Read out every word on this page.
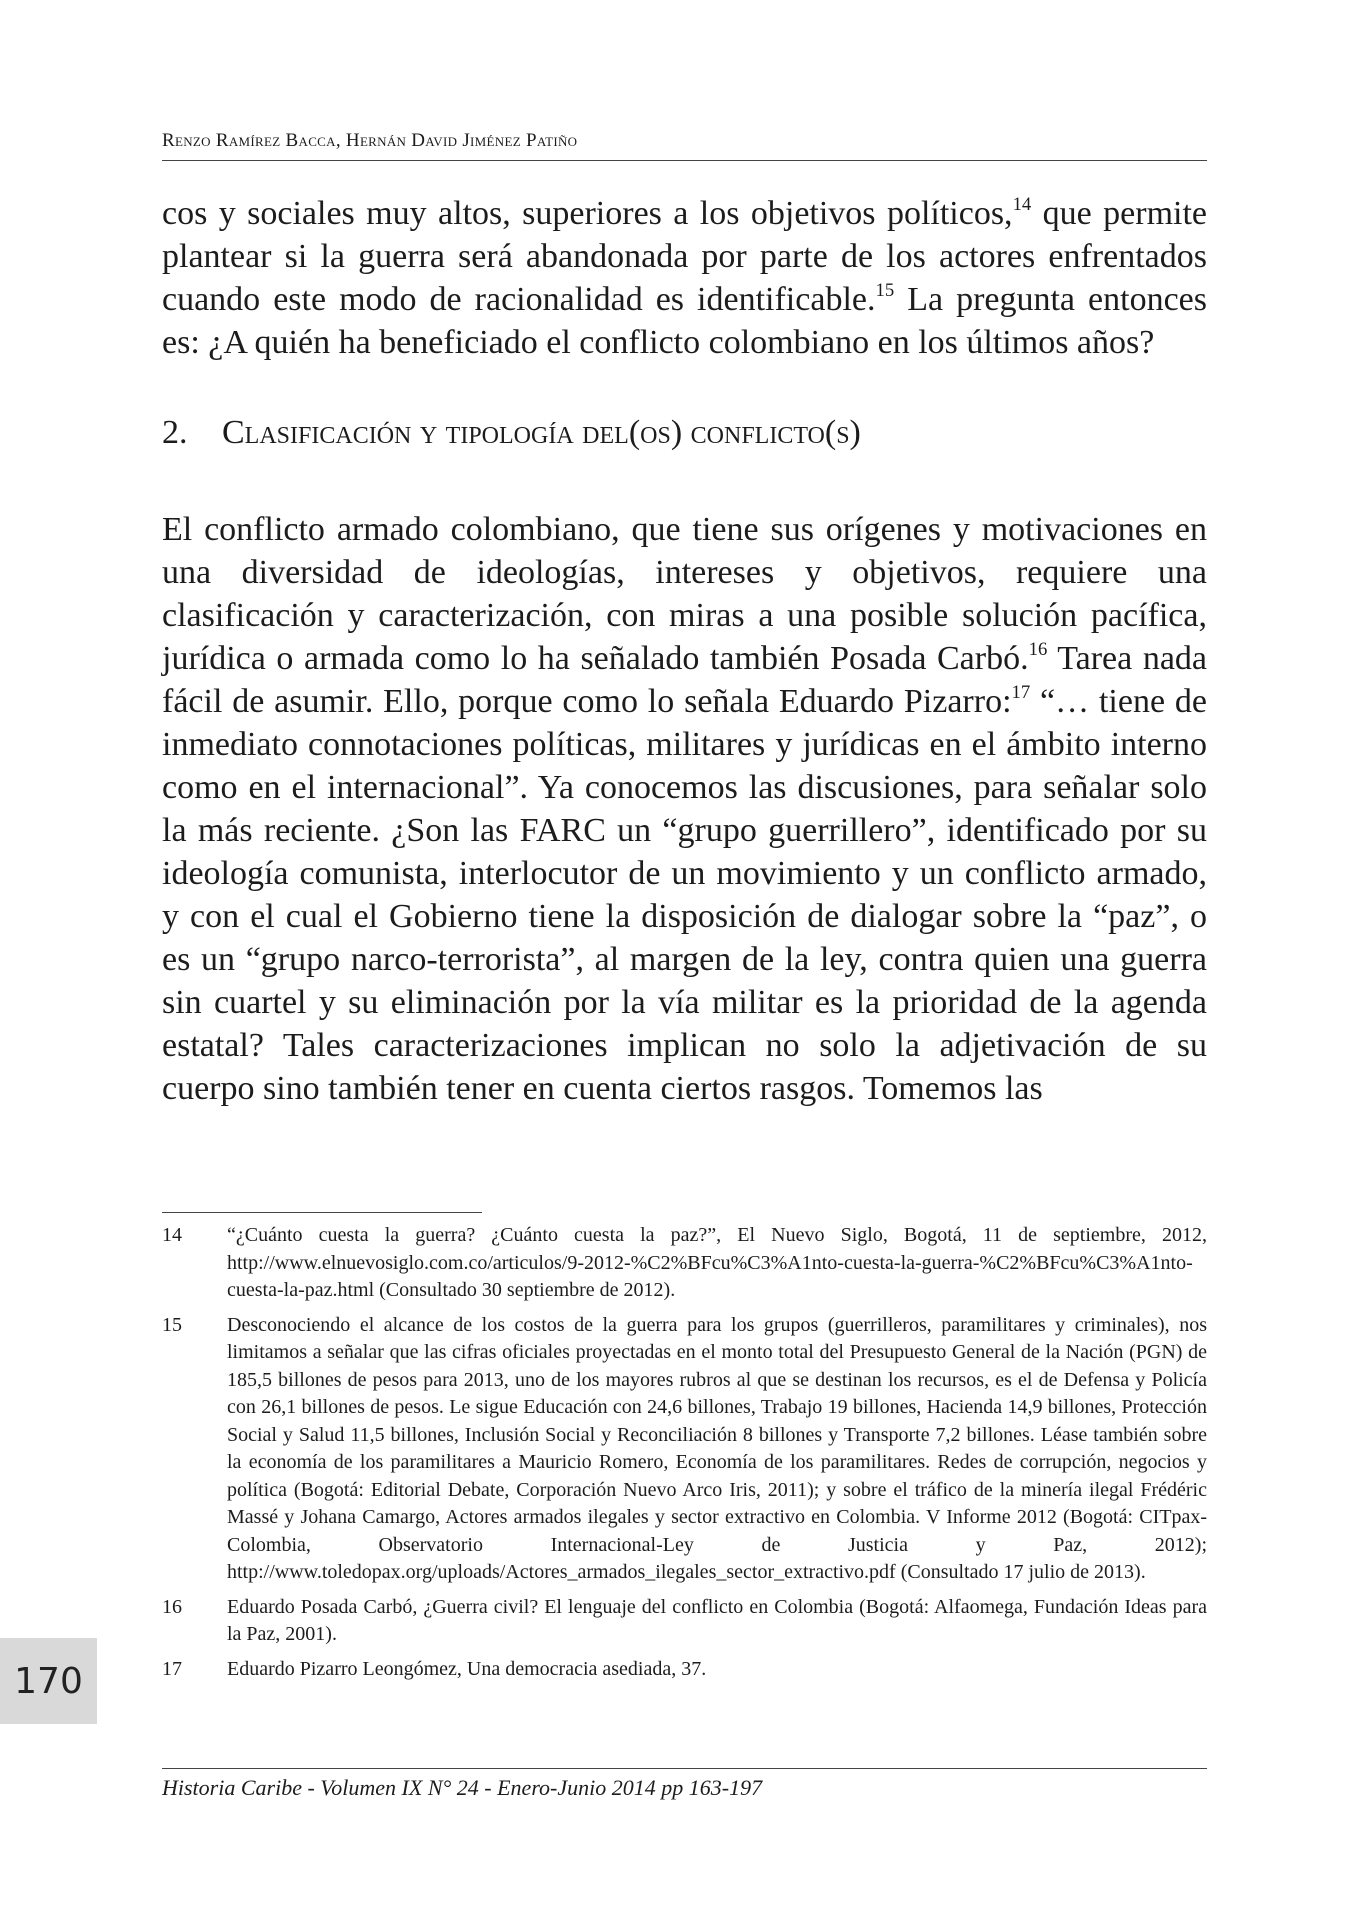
Renzo Ramírez Bacca, Hernán David Jiménez Patiño

cos y sociales muy altos, superiores a los objetivos políticos,$^{14}$ que permite plantear si la guerra será abandonada por parte de los actores enfrentados cuando este modo de racionalidad es identificable.$^{15}$ La pregunta entonces es: ¿A quién ha beneficiado el conflicto colombiano en los últimos años?

2. Clasificación y tipología del(os) conflicto(s)

El conflicto armado colombiano, que tiene sus orígenes y motivaciones en una diversidad de ideologías, intereses y objetivos, requiere una clasificación y caracterización, con miras a una posible solución pacífica, jurídica o armada como lo ha señalado también Posada Carbó.$^{16}$ Tarea nada fácil de asumir. Ello, porque como lo señala Eduardo Pizarro:$^{17}$ “… tiene de inmediato connotaciones políticas, militares y jurídicas en el ámbito interno como en el internacional”. Ya conocemos las discusiones, para señalar solo la más reciente. ¿Son las FARC un “grupo guerrillero”, identificado por su ideología comunista, interlocutor de un movimiento y un conflicto armado, y con el cual el Gobierno tiene la disposición de dialogar sobre la “paz”, o es un “grupo narco-terrorista”, al margen de la ley, contra quien una guerra sin cuartel y su eliminación por la vía militar es la prioridad de la agenda estatal? Tales caracterizaciones implican no solo la adjetivación de su cuerpo sino también tener en cuenta ciertos rasgos. Tomemos las

14	“¿Cuánto cuesta la guerra? ¿Cuánto cuesta la paz?”, El Nuevo Siglo, Bogotá, 11 de septiembre, 2012, http://www.elnuevosiglo.com.co/articulos/9-2012-%C2%BFcu%C3%A1nto-cuesta-la-guerra-%C2%BFcu%C3%A1nto-cuesta-la-paz.html (Consultado 30 septiembre de 2012).
15	Desconociendo el alcance de los costos de la guerra para los grupos (guerrilleros, paramilitares y criminales), nos limitamos a señalar que las cifras oficiales proyectadas en el monto total del Presupuesto General de la Nación (PGN) de 185,5 billones de pesos para 2013, uno de los mayores rubros al que se destinan los recursos, es el de Defensa y Policía con 26,1 billones de pesos. Le sigue Educación con 24,6 billones, Trabajo 19 billones, Hacienda 14,9 billones, Protección Social y Salud 11,5 billones, Inclusión Social y Reconciliación 8 billones y Transporte 7,2 billones. Léase también sobre la economía de los paramilitares a Mauricio Romero, Economía de los paramilitares. Redes de corrupción, negocios y política (Bogotá: Editorial Debate, Corporación Nuevo Arco Iris, 2011); y sobre el tráfico de la minería ilegal Frédéric Massé y Johana Camargo, Actores armados ilegales y sector extractivo en Colombia. V Informe 2012 (Bogotá: CITpax-Colombia, Observatorio Internacional-Ley de Justicia y Paz, 2012); http://www.toledopax.org/uploads/Actores_armados_ilegales_sector_extractivo.pdf (Consultado 17 julio de 2013).
16	Eduardo Posada Carbó, ¿Guerra civil? El lenguaje del conflicto en Colombia (Bogotá: Alfaomega, Fundación Ideas para la Paz, 2001).
17	Eduardo Pizarro Leongómez, Una democracia asediada, 37.
170
Historia Caribe - Volumen IX N° 24 - Enero-Junio 2014 pp 163-197
